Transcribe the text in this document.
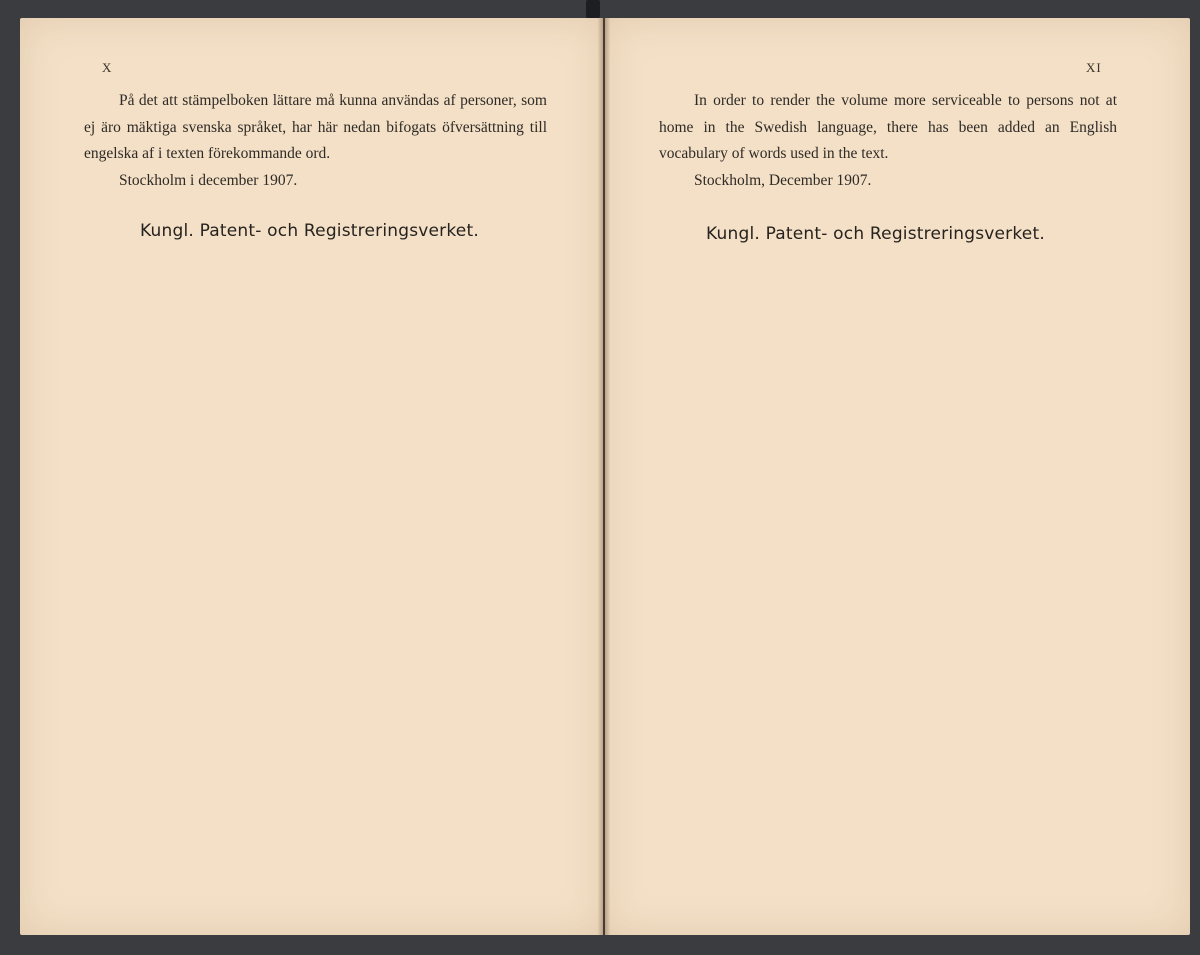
X

På det att stämpelboken lättare må kunna användas af personer, som ej äro mäktiga svenska språket, har här nedan bifogats öfversättning till engelska af i texten förekommande ord.

Stockholm i december 1907.

Kungl. Patent- och Registreringsverket.
XI

In order to render the volume more serviceable to persons not at home in the Swedish language, there has been added an English vocabulary of words used in the text.

Stockholm, December 1907.

Kungl. Patent- och Registreringsverket.
